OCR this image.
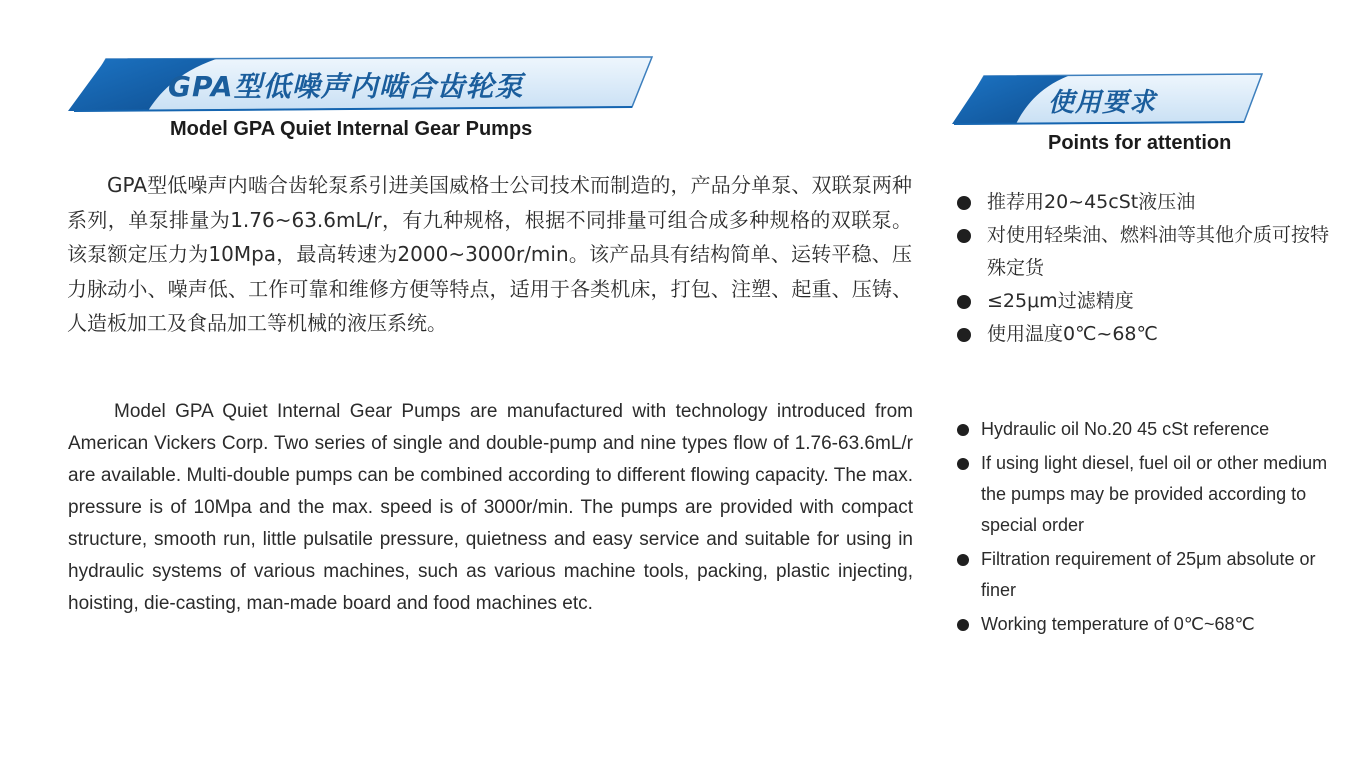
GPA型低噪声内啮合齿轮泵
Model GPA Quiet Internal Gear Pumps

GPA型低噪声内啮合齿轮泵系引进美国威格士公司技术而制造的，产品分单泵、双联泵两种系列，单泵排量为1.76~63.6mL/r，有九种规格，根据不同排量可组合成多种规格的双联泵。该泵额定压力为10Mpa，最高转速为2000~3000r/min。该产品具有结构简单、运转平稳、压力脉动小、噪声低、工作可靠和维修方便等特点，适用于各类机床，打包、注塑、起重、压铸、人造板加工及食品加工等机械的液压系统。

Model GPA Quiet Internal Gear Pumps are manufactured with technology introduced from American Vickers Corp. Two series of single and double-pump and nine types flow of 1.76-63.6mL/r are available. Multi-double pumps can be combined according to different flowing capacity. The max. pressure is of 10Mpa and the max. speed is of 3000r/min. The pumps are provided with compact structure, smooth run, little pulsatile pressure, quietness and easy service and suitable for using in hydraulic systems of various machines, such as various machine tools, packing, plastic injecting, hoisting, die-casting, man-made board and food machines etc.

使用要求
Points for attention
推荐用20~45cSt液压油
对使用轻柴油、燃料油等其他介质可按特殊定货
≤25μm过滤精度
使用温度0℃~68℃
Hydraulic oil No.20 45 cSt reference
If using light diesel, fuel oil or other medium the pumps may be provided according to special order
Filtration requirement of 25μm absolute or finer
Working temperature of 0℃~68℃
